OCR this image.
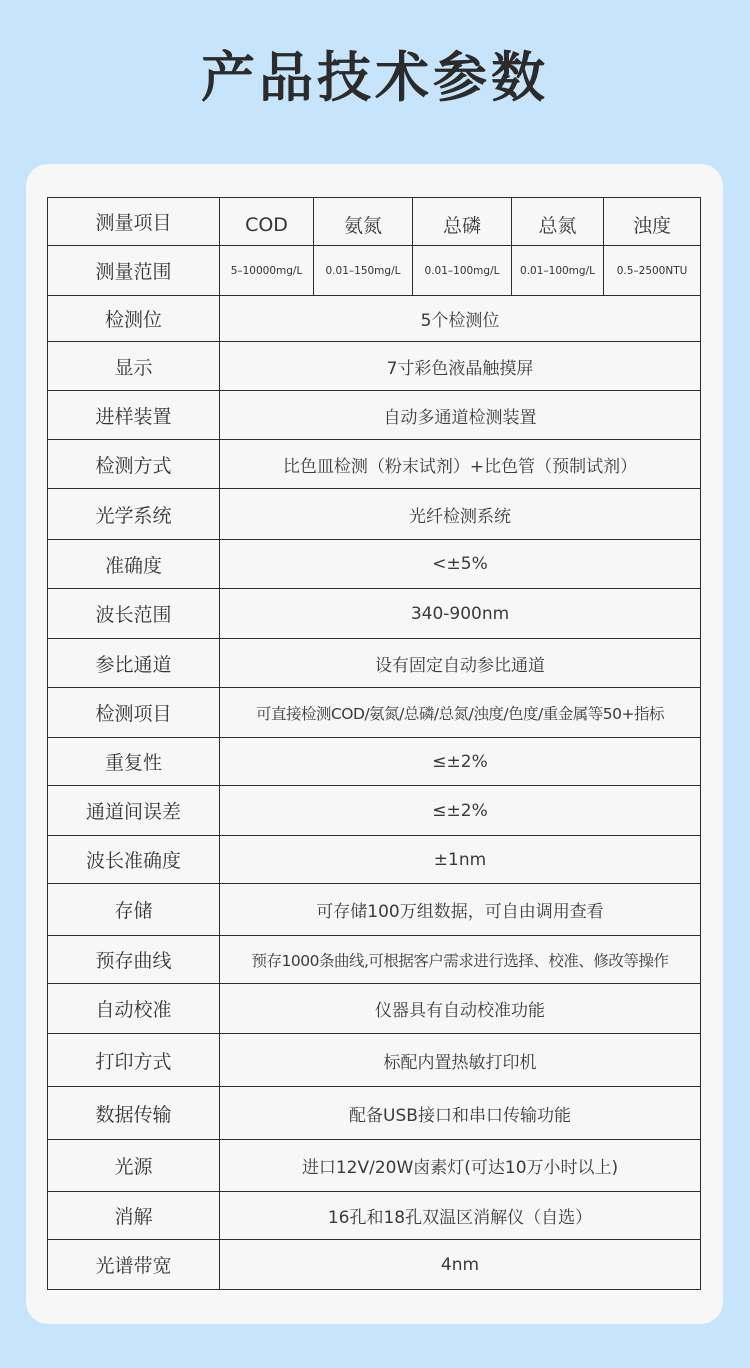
产品技术参数
测量项目	COD	氨氮	总磷	总氮	浊度
测量范围	5–10000mg/L	0.01–150mg/L	0.01–100mg/L	0.01–100mg/L	0.5–2500NTU
检测位	5个检测位				
显示	7寸彩色液晶触摸屏				
进样装置	自动多通道检测装置				
检测方式	比色皿检测（粉末试剂）+比色管（预制试剂）				
光学系统	光纤检测系统				
准确度	<±5%				
波长范围	340-900nm				
参比通道	设有固定自动参比通道				
检测项目	可直接检测COD/氨氮/总磷/总氮/浊度/色度/重金属等50+指标				
重复性	≤±2%				
通道间误差	≤±2%				
波长准确度	±1nm				
存储	可存储100万组数据，可自由调用查看				
预存曲线	预存1000条曲线,可根据客户需求进行选择、校准、修改等操作				
自动校准	仪器具有自动校准功能				
打印方式	标配内置热敏打印机				
数据传输	配备USB接口和串口传输功能				
光源	进口12V/20W卤素灯(可达10万小时以上)				
消解	16孔和18孔双温区消解仪（自选）				
光谱带宽	4nm				
